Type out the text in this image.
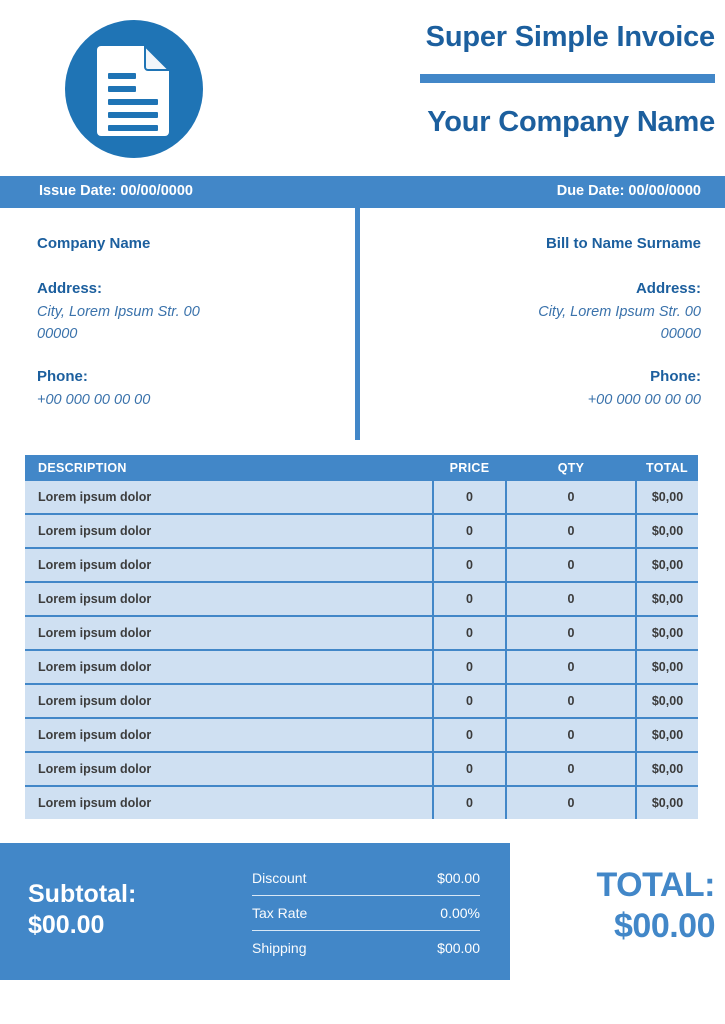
Super Simple Invoice
Your Company Name
Issue Date: 00/00/0000	Due Date: 00/00/0000
Company Name
Address:
City, Lorem Ipsum Str. 00
00000
Phone:
+00 000 00 00 00
Bill to Name Surname
Address:
City, Lorem Ipsum Str. 00
00000
Phone:
+00 000 00 00 00
DESCRIPTION	PRICE	QTY	TOTAL
Lorem ipsum dolor	0	0	$0,00
Lorem ipsum dolor	0	0	$0,00
Lorem ipsum dolor	0	0	$0,00
Lorem ipsum dolor	0	0	$0,00
Lorem ipsum dolor	0	0	$0,00
Lorem ipsum dolor	0	0	$0,00
Lorem ipsum dolor	0	0	$0,00
Lorem ipsum dolor	0	0	$0,00
Lorem ipsum dolor	0	0	$0,00
Lorem ipsum dolor	0	0	$0,00
Subtotal:
$00.00
Discount	$00.00
Tax Rate	0.00%
Shipping	$00.00
TOTAL:
$00.00
